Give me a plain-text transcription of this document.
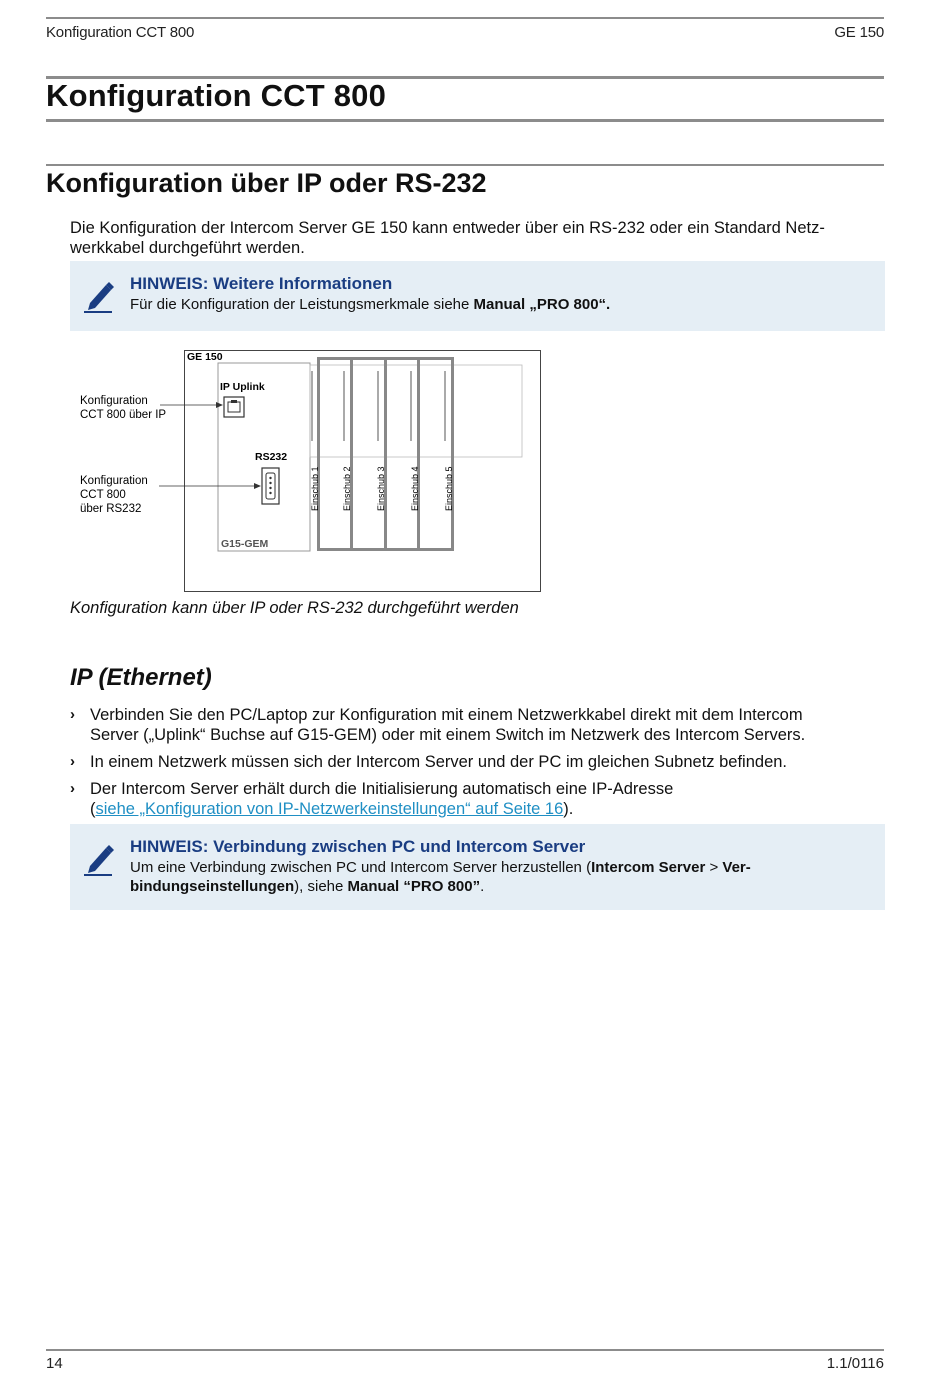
Konfiguration CCT 800	GE 150
Konfiguration CCT 800
Konfiguration über IP oder RS-232
Die Konfiguration der Intercom Server GE 150 kann entweder über ein RS-232 oder ein Standard Netz-
werkkabel durchgeführt werden.
HINWEIS: Weitere Informationen
Für die Konfiguration der Leistungsmerkmale siehe Manual „PRO 800“.
GE 150
IP Uplink
RS232
G15-GEM
Einschub 1 Einschub 2	Einschub 3	Einschub 4	Einschub 5
Konfiguration
CCT 800 über IP
Konfiguration
CCT 800
über RS232
Konfiguration kann über IP oder RS-232 durchgeführt werden
IP (Ethernet)
› Verbinden Sie den PC/Laptop zur Konfiguration mit einem Netzwerkkabel direkt mit dem Intercom
Server („Uplink“ Buchse auf G15-GEM) oder mit einem Switch im Netzwerk des Intercom Servers.
› In einem Netzwerk müssen sich der Intercom Server und der PC im gleichen Subnetz befinden.
› Der Intercom Server erhält durch die Initialisierung automatisch eine IP-Adresse
(siehe „Konfiguration von IP-Netzwerkeinstellungen“ auf Seite 16).
HINWEIS: Verbindung zwischen PC und Intercom Server
Um eine Verbindung zwischen PC und Intercom Server herzustellen (Intercom Server > Ver-
bindungseinstellungen), siehe Manual “PRO 800”.
14	1.1/0116
